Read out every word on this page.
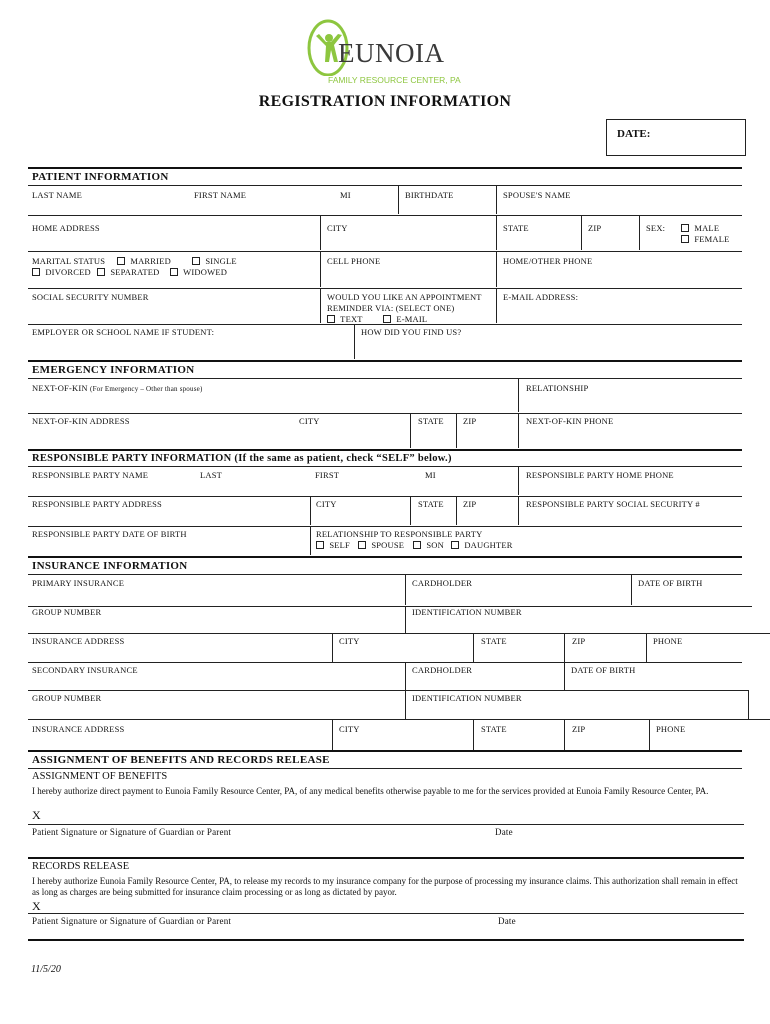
EUNOIA
FAMILY RESOURCE CENTER, PA
REGISTRATION INFORMATION
DATE:
PATIENT INFORMATION
LAST NAME	FIRST NAME	MI	BIRTHDATE	SPOUSE'S NAME
HOME ADDRESS	CITY	STATE	ZIP	SEX:	MALE
FEMALE
MARITAL STATUS	MARRIED	SINGLE
DIVORCED	SEPARATED	WIDOWED
CELL PHONE	HOME/OTHER PHONE
SOCIAL SECURITY NUMBER	WOULD YOU LIKE AN APPOINTMENT
REMINDER VIA: (SELECT ONE)
TEXT	E-MAIL
E-MAIL ADDRESS:
EMPLOYER OR SCHOOL NAME IF STUDENT:	HOW DID YOU FIND US?
EMERGENCY INFORMATION
NEXT-OF-KIN (For Emergency – Other than spouse)	RELATIONSHIP
NEXT-OF-KIN ADDRESS	CITY	STATE ZIP	NEXT-OF-KIN PHONE
RESPONSIBLE PARTY INFORMATION (If the same as patient, check “SELF” below.)
RESPONSIBLE PARTY NAME	LAST	FIRST	MI	RESPONSIBLE PARTY HOME PHONE
RESPONSIBLE PARTY ADDRESS	CITY	STATE ZIP	RESPONSIBLE PARTY SOCIAL SECURITY #
RESPONSIBLE PARTY DATE OF BIRTH	RELATIONSHIP TO RESPONSIBLE PARTY
SELF	SPOUSE	SON	DAUGHTER
INSURANCE INFORMATION
PRIMARY INSURANCE	CARDHOLDER	DATE OF BIRTH
GROUP NUMBER	IDENTIFICATION NUMBER
INSURANCE ADDRESS	CITY	STATE	ZIP	PHONE
SECONDARY INSURANCE	CARDHOLDER	DATE OF BIRTH
GROUP NUMBER	IDENTIFICATION NUMBER
INSURANCE ADDRESS	CITY	STATE	ZIP	PHONE
ASSIGNMENT OF BENEFITS AND RECORDS RELEASE
ASSIGNMENT OF BENEFITS
I hereby authorize direct payment to Eunoia Family Resource Center, PA, of any medical benefits otherwise payable to me for the services provided at Eunoia Family Resource Center, PA.
X
Patient Signature or Signature of Guardian or Parent	Date
RECORDS RELEASE
I hereby authorize Eunoia Family Resource Center, PA, to release my records to my insurance company for the purpose of processing my insurance claims. This authorization shall remain in effect as long as charges are being submitted for insurance claim processing or as long as dictated by payor.
X
Patient Signature or Signature of Guardian or Parent	Date
11/5/20
